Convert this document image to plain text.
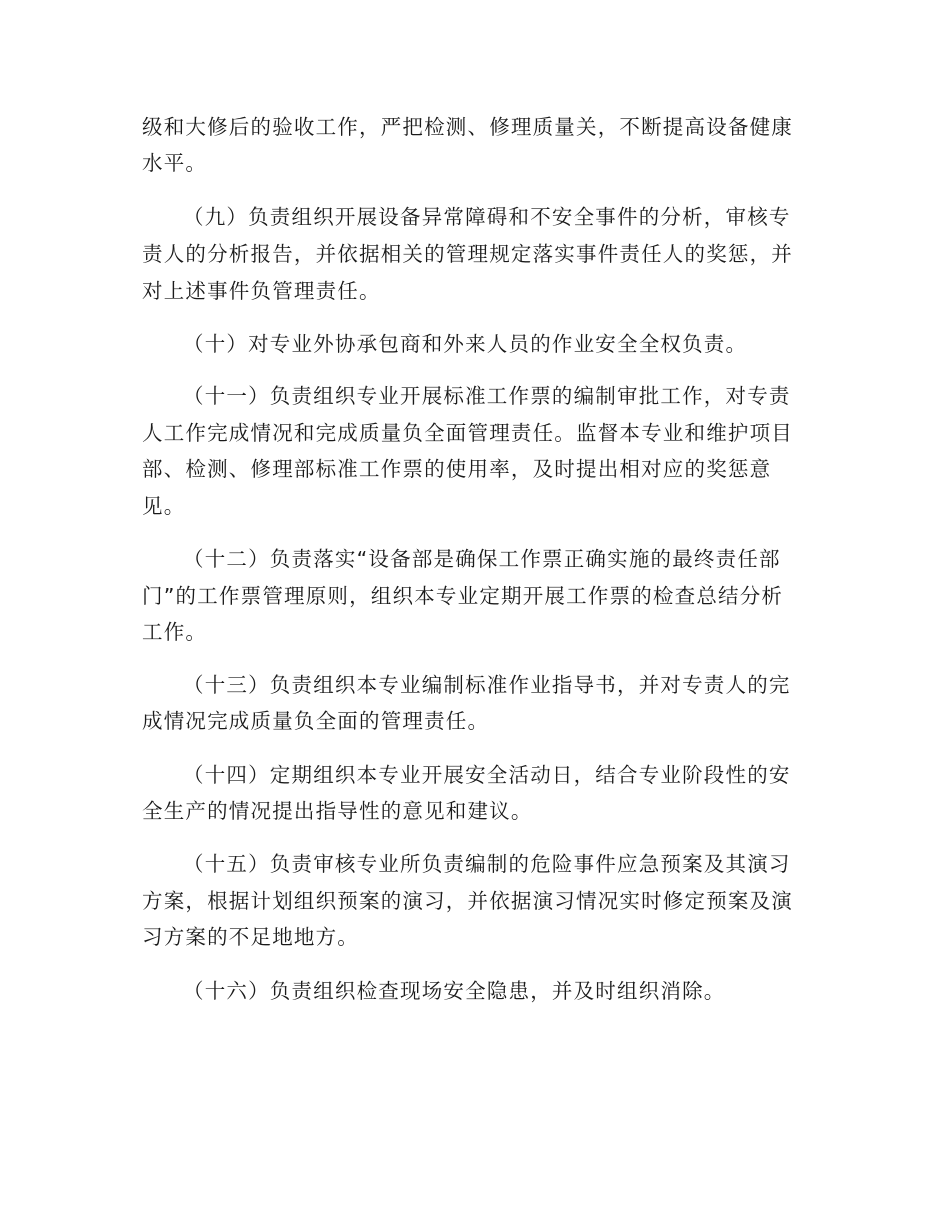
级和大修后的验收工作，严把检测、修理质量关，不断提高设备健康
水平。
（九）负责组织开展设备异常障碍和不安全事件的分析，审核专
责人的分析报告，并依据相关的管理规定落实事件责任人的奖惩，并
对上述事件负管理责任。
（十）对专业外协承包商和外来人员的作业安全全权负责。
（十一）负责组织专业开展标准工作票的编制审批工作，对专责
人工作完成情况和完成质量负全面管理责任。监督本专业和维护项目
部、检测、修理部标准工作票的使用率，及时提出相对应的奖惩意
见。
（十二）负责落实“设备部是确保工作票正确实施的最终责任部
门”的工作票管理原则，组织本专业定期开展工作票的检查总结分析
工作。
（十三）负责组织本专业编制标准作业指导书，并对专责人的完
成情况完成质量负全面的管理责任。
（十四）定期组织本专业开展安全活动日，结合专业阶段性的安
全生产的情况提出指导性的意见和建议。
（十五）负责审核专业所负责编制的危险事件应急预案及其演习
方案，根据计划组织预案的演习，并依据演习情况实时修定预案及演
习方案的不足地地方。
（十六）负责组织检查现场安全隐患，并及时组织消除。
